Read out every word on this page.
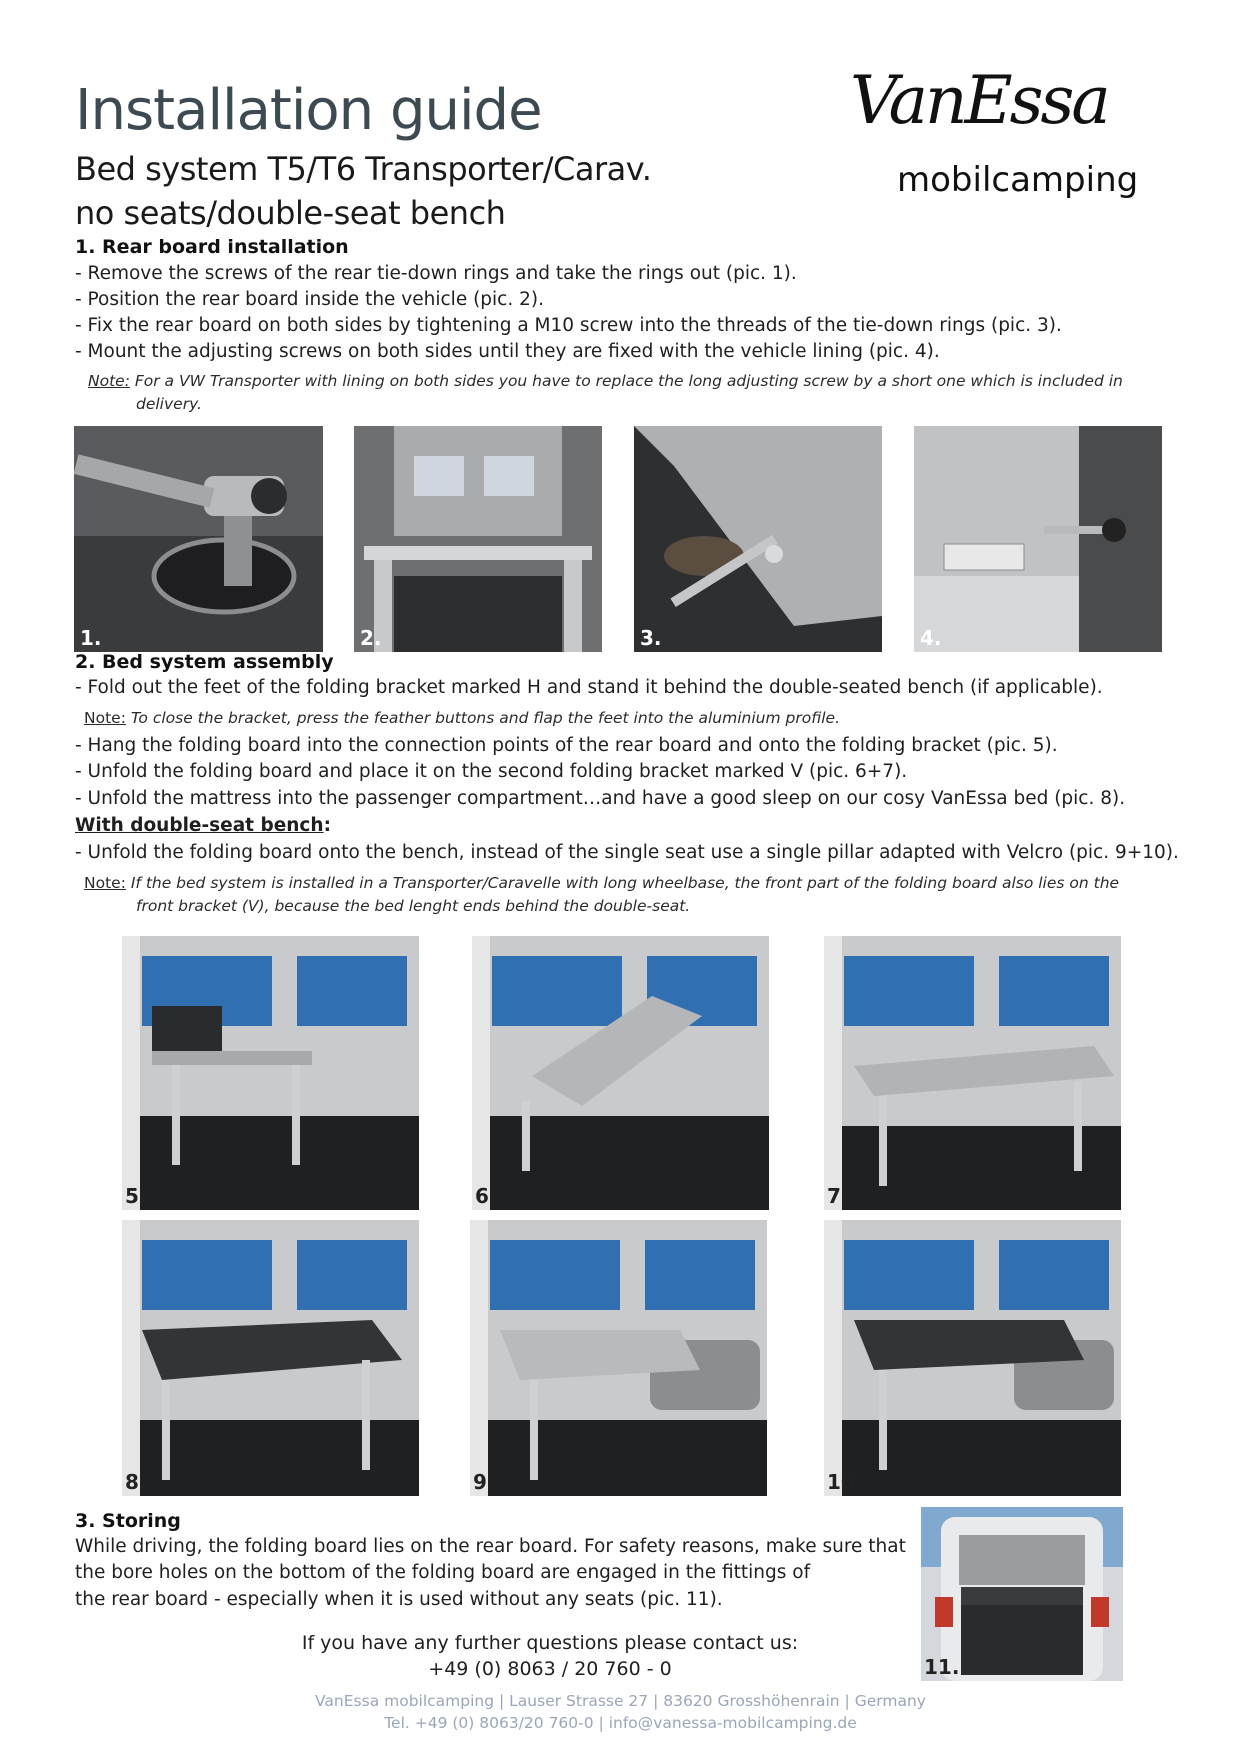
Installation guide
Bed system T5/T6 Transporter/Carav.
no seats/double-seat bench
VanEssa
mobilcamping
1. Rear board installation
- Remove the screws of the rear tie-down rings and take the rings out (pic. 1).
- Position the rear board inside the vehicle (pic. 2).
- Fix the rear board on both sides by tightening a M10 screw into the threads of the tie-down rings (pic. 3).
- Mount the adjusting screws on both sides until they are fixed with the vehicle lining (pic. 4).
Note: For a VW Transporter with lining on both sides you have to replace the long adjusting screw by a short one which is included in
delivery.
1.	2.	3.	4.
2. Bed system assembly
- Fold out the feet of the folding bracket marked H and stand it behind the double-seated bench (if applicable).
Note: To close the bracket, press the feather buttons and flap the feet into the aluminium profile.
- Hang the folding board into the connection points of the rear board and onto the folding bracket (pic. 5).
- Unfold the folding board and place it on the second folding bracket marked V (pic. 6+7).
- Unfold the mattress into the passenger compartment…and have a good sleep on our cosy VanEssa bed (pic. 8).
With double-seat bench:
- Unfold the folding board onto the bench, instead of the single seat use a single pillar adapted with Velcro (pic. 9+10).
Note: If the bed system is installed in a Transporter/Caravelle with long wheelbase, the front part of the folding board also lies on the
front bracket (V), because the bed lenght ends behind the double-seat.
5.	6.	7.
8.	9.	10
3. Storing
While driving, the folding board lies on the rear board. For safety reasons, make sure that
the bore holes on the bottom of the folding board are engaged in the fittings of
the rear board - especially when it is used without any seats (pic. 11).
11.
If you have any further questions please contact us:
+49 (0) 8063 / 20 760 - 0
VanEssa mobilcamping | Lauser Strasse 27 | 83620 Grosshöhenrain | Germany
Tel. +49 (0) 8063/20 760-0 | info@vanessa-mobilcamping.de
